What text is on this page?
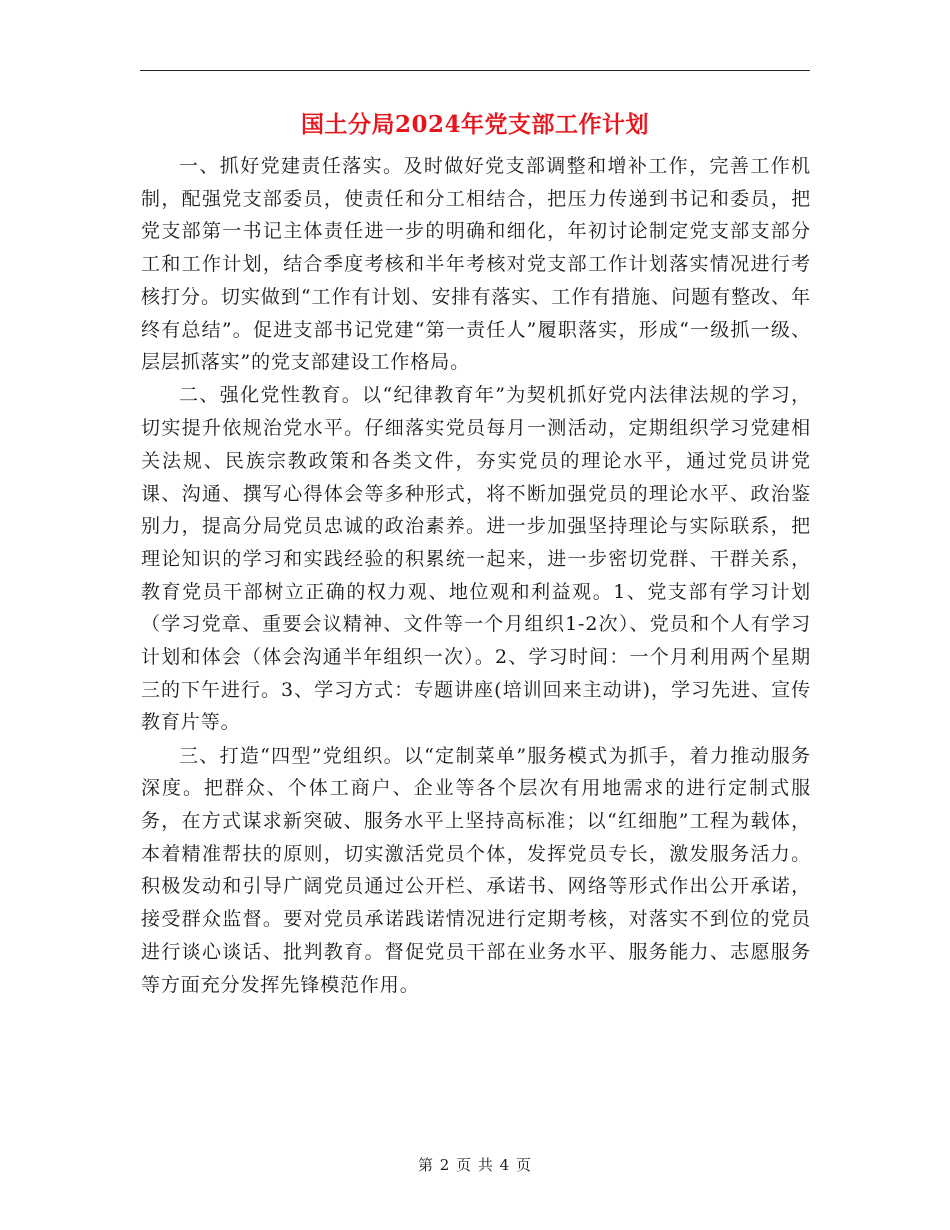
国土分局2024年党支部工作计划

一、抓好党建责任落实。及时做好党支部调整和增补工作，完善工作机制，配强党支部委员，使责任和分工相结合，把压力传递到书记和委员，把党支部第一书记主体责任进一步的明确和细化，年初讨论制定党支部支部分工和工作计划，结合季度考核和半年考核对党支部工作计划落实情况进行考核打分。切实做到“工作有计划、安排有落实、工作有措施、问题有整改、年终有总结”。促进支部书记党建“第一责任人”履职落实，形成“一级抓一级、层层抓落实”的党支部建设工作格局。

二、强化党性教育。以“纪律教育年”为契机抓好党内法律法规的学习，切实提升依规治党水平。仔细落实党员每月一测活动，定期组织学习党建相关法规、民族宗教政策和各类文件，夯实党员的理论水平，通过党员讲党课、沟通、撰写心得体会等多种形式，将不断加强党员的理论水平、政治鉴别力，提高分局党员忠诚的政治素养。进一步加强坚持理论与实际联系，把理论知识的学习和实践经验的积累统一起来，进一步密切党群、干群关系，教育党员干部树立正确的权力观、地位观和利益观。1、党支部有学习计划（学习党章、重要会议精神、文件等一个月组织1-2次）、党员和个人有学习计划和体会（体会沟通半年组织一次）。2、学习时间：一个月利用两个星期三的下午进行。3、学习方式：专题讲座(培训回来主动讲)，学习先进、宣传教育片等。

三、打造“四型”党组织。以“定制菜单”服务模式为抓手，着力推动服务深度。把群众、个体工商户、企业等各个层次有用地需求的进行定制式服务，在方式谋求新突破、服务水平上坚持高标准；以“红细胞”工程为载体，本着精准帮扶的原则，切实激活党员个体，发挥党员专长，激发服务活力。积极发动和引导广阔党员通过公开栏、承诺书、网络等形式作出公开承诺，接受群众监督。要对党员承诺践诺情况进行定期考核，对落实不到位的党员进行谈心谈话、批判教育。督促党员干部在业务水平、服务能力、志愿服务等方面充分发挥先锋模范作用。

第 2 页 共 4 页
